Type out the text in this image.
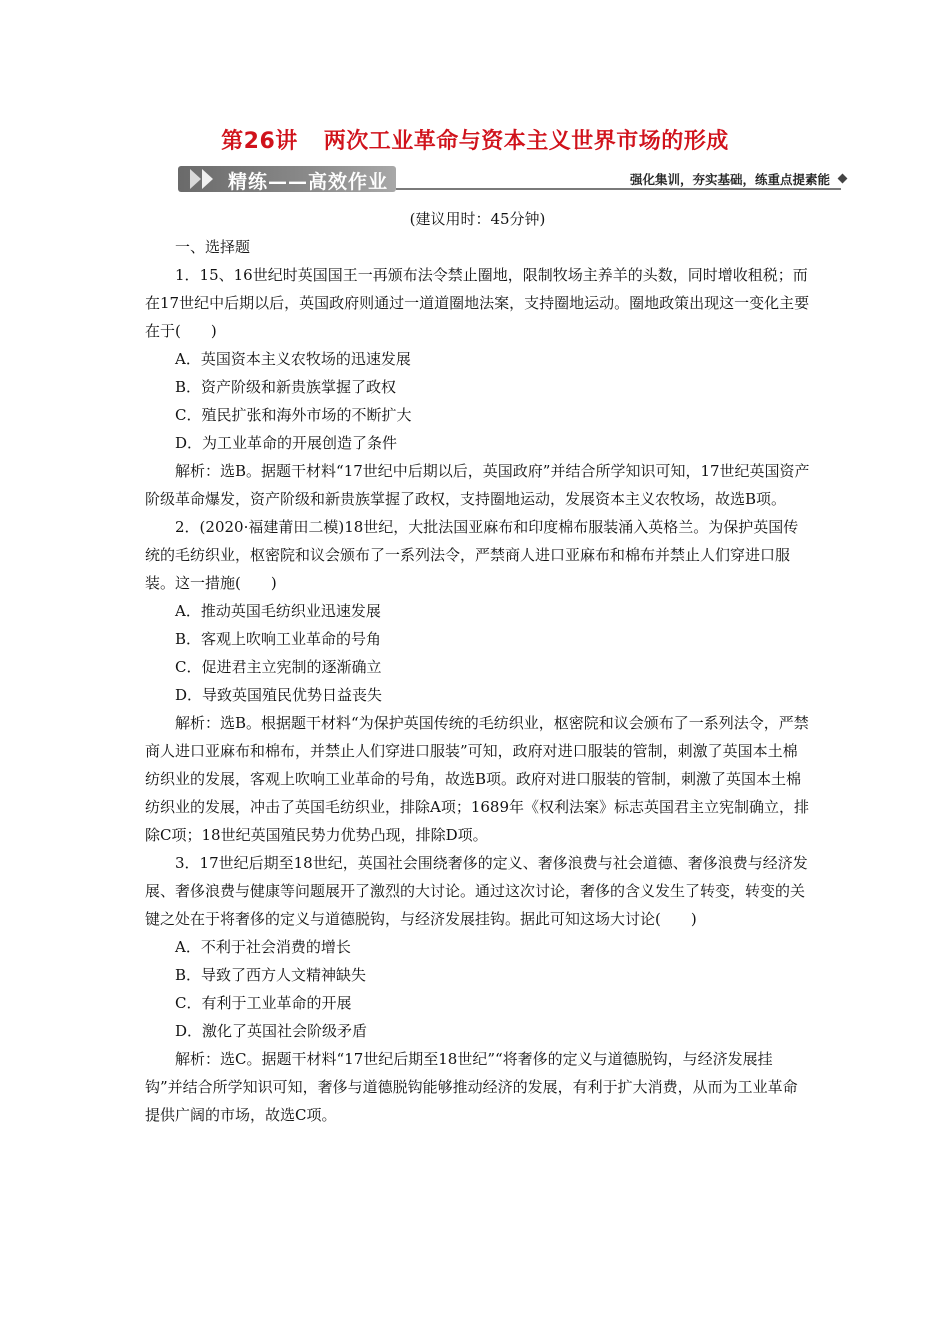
第26讲 两次工业革命与资本主义世界市场的形成
精练——高效作业	强化集训，夯实基础，练重点提素能

(建议用时：45分钟)

一、选择题

1．15、16世纪时英国国王一再颁布法令禁止圈地，限制牧场主养羊的头数，同时增收租税；而在17世纪中后期以后，英国政府则通过一道道圈地法案，支持圈地运动。圈地政策出现这一变化主要在于(　　)

A．英国资本主义农牧场的迅速发展

B．资产阶级和新贵族掌握了政权

C．殖民扩张和海外市场的不断扩大

D．为工业革命的开展创造了条件

解析：选B。据题干材料“17世纪中后期以后，英国政府”并结合所学知识可知，17世纪英国资产阶级革命爆发，资产阶级和新贵族掌握了政权，支持圈地运动，发展资本主义农牧场，故选B项。

2．(2020·福建莆田二模)18世纪，大批法国亚麻布和印度棉布服装涌入英格兰。为保护英国传统的毛纺织业，枢密院和议会颁布了一系列法令，严禁商人进口亚麻布和棉布并禁止人们穿进口服装。这一措施(　　)

A．推动英国毛纺织业迅速发展

B．客观上吹响工业革命的号角

C．促进君主立宪制的逐渐确立

D．导致英国殖民优势日益丧失

解析：选B。根据题干材料“为保护英国传统的毛纺织业，枢密院和议会颁布了一系列法令，严禁商人进口亚麻布和棉布，并禁止人们穿进口服装”可知，政府对进口服装的管制，刺激了英国本土棉纺织业的发展，客观上吹响工业革命的号角，故选B项。政府对进口服装的管制，刺激了英国本土棉纺织业的发展，冲击了英国毛纺织业，排除A项；1689年《权利法案》标志英国君主立宪制确立，排除C项；18世纪英国殖民势力优势凸现，排除D项。

3．17世纪后期至18世纪，英国社会围绕奢侈的定义、奢侈浪费与社会道德、奢侈浪费与经济发展、奢侈浪费与健康等问题展开了激烈的大讨论。通过这次讨论，奢侈的含义发生了转变，转变的关键之处在于将奢侈的定义与道德脱钩，与经济发展挂钩。据此可知这场大讨论(　　)

A．不利于社会消费的增长

B．导致了西方人文精神缺失

C．有利于工业革命的开展

D．激化了英国社会阶级矛盾

解析：选C。据题干材料“17世纪后期至18世纪”“将奢侈的定义与道德脱钩，与经济发展挂钩”并结合所学知识可知，奢侈与道德脱钩能够推动经济的发展，有利于扩大消费，从而为工业革命提供广阔的市场，故选C项。
